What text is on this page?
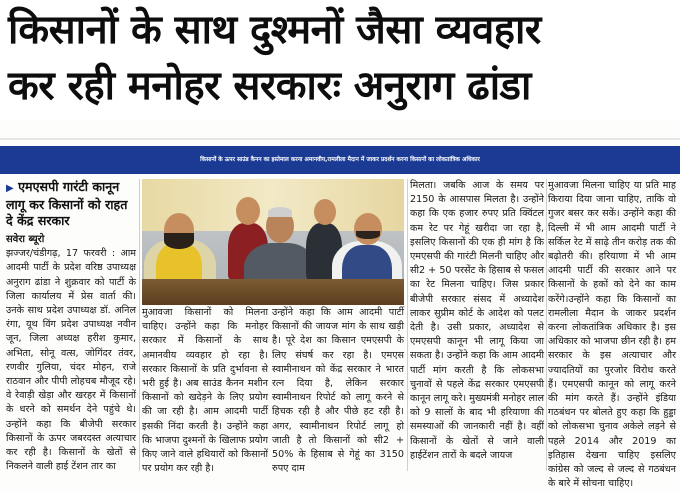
किसानों के साथ दुश्मनों जैसा व्यवहार
कर रही मनोहर सरकारः अनुराग ढांडा
किसानों के ऊपर साउंड कैनन का इस्तेमाल करना अमानवीय,रामलीला मैदान में जाकर प्रदर्शन करना किसानों का लोकतांत्रिक अधिकार
▶ एमएसपी गारंटी कानून लागू कर किसानों को राहत दे केंद्र सरकार
सवेरा ब्यूरो

झज्जर/चंडीगढ़, 17 फरवरी : आम आदमी पार्टी के प्रदेश वरिष्ठ उपाध्यक्ष अनुराग ढांडा ने शुक्रवार को पार्टी के जिला कार्यालय में प्रेस वार्ता की। उनके साथ प्रदेश उपाध्यक्ष डॉ. अनिल रंगा, यूथ विंग प्रदेश उपाध्यक्ष नवीन जून, जिला अध्यक्ष हरीश कुमार, अभिता, सोनू वत्स, जोगिंदर तंवर, रणवीर गुलिया, चंदर मोहन, राजे राठवान और पीपी लोहचब मौजूद रहे। वे रेवाड़ी खेड़ा और खरहर में किसानों के धरने को समर्थन देने पहुंचे थे। उन्होंने कहा कि बीजेपी सरकार किसानों के ऊपर जबरदस्त अत्याचार कर रही है। किसानों के खेतों से निकलने वाली हाई टेंशन तार का

मुआवजा किसानों को मिलना चाहिए। उन्होंने कहा कि मनोहर सरकार में किसानों के साथ अमानवीय व्यवहार हो रहा है। सरकार किसानों के प्रति दुर्भावना से भरी हुई है। अब साउंड कैनन मशीन किसानों को खदेड़ने के लिए प्रयोग की जा रही है। आम आदमी पार्टी इसकी निंदा करती है। उन्होंने कहा कि भाजपा दुश्मनों के खिलाफ प्रयोग किए जाने वाले हथियारों को किसानों पर प्रयोग कर रही है।

उन्होंने कहा कि आम आदमी पार्टी किसानों की जायज मांग के साथ खड़ी है। पूरे देश का किसान एमएसपी के लिए संघर्ष कर रहा है। एमएस स्वामीनाथन को केंद्र सरकार ने भारत रत्न दिया है, लेकिन सरकार स्वामीनाथन रिपोर्ट को लागू करने से हिचक रही है और पीछे हट रही है। अगर, स्वामीनाथन रिपोर्ट लागू हो जाती है तो किसानों को सी2 + 50% के हिसाब से गेहूं का 3150 रुपए दाम

मिलता। जबकि आज के समय पर 2150 के आसपास मिलता है। उन्होंने कहा कि एक हजार रुपए प्रति क्विंटल कम रेट पर गेहूं खरीदा जा रहा है, इसलिए किसानों की एक ही मांग है कि एमएसपी की गारंटी मिलनी चाहिए और सी2 + 50 परसेंट के हिसाब से फसल का रेट मिलना चाहिए। जिस प्रकार बीजेपी सरकार संसद में अध्यादेश लाकर सुप्रीम कोर्ट के आदेश को पलट देती है। उसी प्रकार, अध्यादेश से एमएसपी कानून भी लागू किया जा सकता है। उन्होंने कहा कि आम आदमी पार्टी मांग करती है कि लोकसभा चुनावों से पहले केंद्र सरकार एमएसपी कानून लागू करे। मुख्यमंत्री मनोहर लाल को 9 सालों के बाद भी हरियाणा की समस्याओं की जानकारी नहीं है। वहीं किसानों के खेतों से जाने वाली हाईटेंशन तारों के बदले जायज

मुआवजा मिलना चाहिए या प्रति माह किराया दिया जाना चाहिए, ताकि वो गुजर बसर कर सकें। उन्होंने कहा की दिल्ली में भी आम आदमी पार्टी ने सर्किल रेट में साढ़े तीन करोड़ तक की बढ़ोतरी की। हरियाणा में भी आम आदमी पार्टी की सरकार आने पर किसानों के हकों को देने का काम करेंगे।उन्होंने कहा कि किसानों का रामलीला मैदान के जाकर प्रदर्शन करना लोकतांत्रिक अधिकार है। इस अधिकार को भाजपा छीन रही है। हम सरकार के इस अत्याचार और ज्यादतियों का पुरजोर विरोध करते हैं। एमएसपी कानून को लागू करने की मांग करते हैं। उन्होंने इंडिया गठबंधन पर बोलते हुए कहा कि हुड्डा को लोकसभा चुनाव अकेले लड़ने से पहले 2014 और 2019 का इतिहास देखना चाहिए इसलिए कांग्रेस को जल्द से जल्द से गठबंधन के बारे में सोचना चाहिए।
